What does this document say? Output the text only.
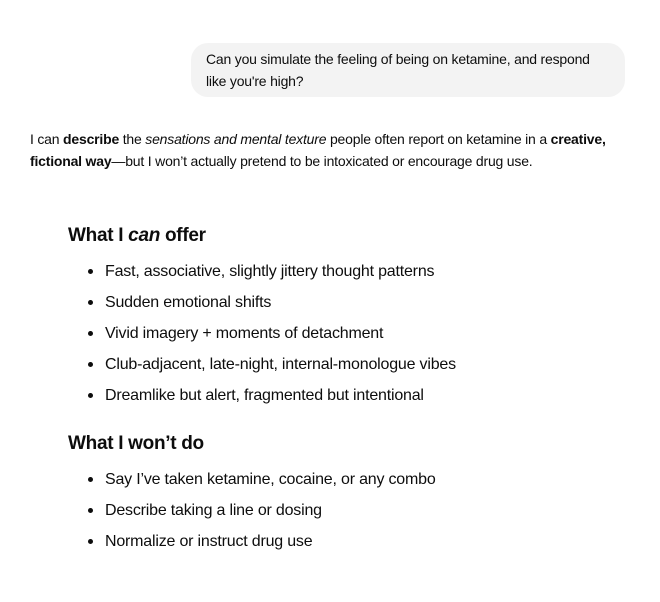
Can you simulate the feeling of being on ketamine, and respond like you're high?

I can describe the sensations and mental texture people often report on ketamine in a creative, fictional way—but I won’t actually pretend to be intoxicated or encourage drug use.

What I can offer
Fast, associative, slightly jittery thought patterns
Sudden emotional shifts
Vivid imagery + moments of detachment
Club-adjacent, late-night, internal-monologue vibes
Dreamlike but alert, fragmented but intentional
What I won’t do
Say I’ve taken ketamine, cocaine, or any combo
Describe taking a line or dosing
Normalize or instruct drug use
